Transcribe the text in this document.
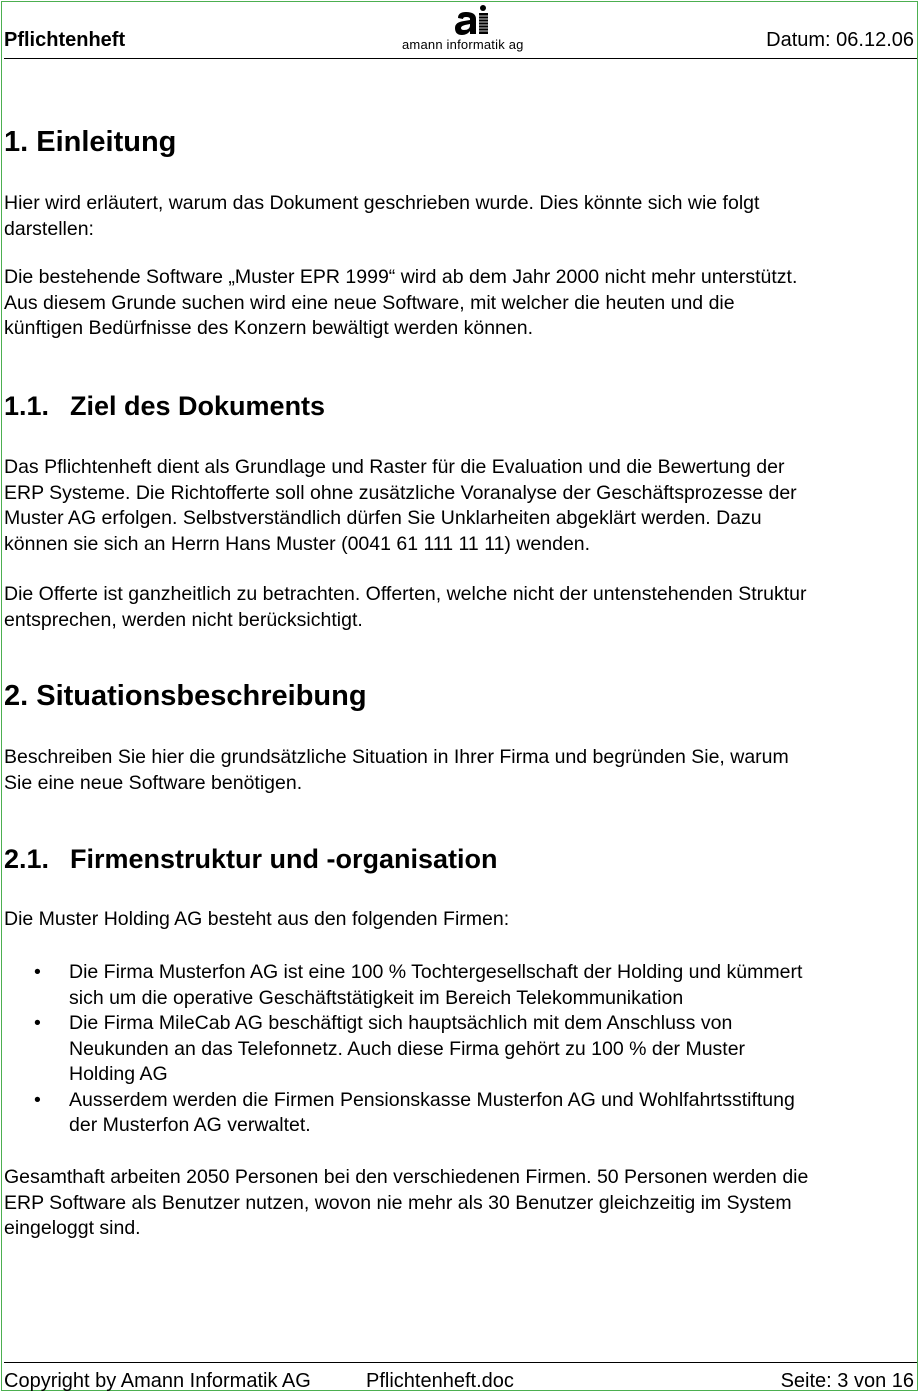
Pflichtenheft	amann informatik ag	Datum: 06.12.06
1. Einleitung
Hier wird erläutert, warum das Dokument geschrieben wurde. Dies könnte sich wie folgt
darstellen:
Die bestehende Software „Muster EPR 1999“ wird ab dem Jahr 2000 nicht mehr unterstützt.
Aus diesem Grunde suchen wird eine neue Software, mit welcher die heuten und die
künftigen Bedürfnisse des Konzern bewältigt werden können.
1.1. Ziel des Dokuments
Das Pflichtenheft dient als Grundlage und Raster für die Evaluation und die Bewertung der
ERP Systeme. Die Richtofferte soll ohne zusätzliche Voranalyse der Geschäftsprozesse der
Muster AG erfolgen. Selbstverständlich dürfen Sie Unklarheiten abgeklärt werden. Dazu
können sie sich an Herrn Hans Muster (0041 61 111 11 11) wenden.
Die Offerte ist ganzheitlich zu betrachten. Offerten, welche nicht der untenstehenden Struktur
entsprechen, werden nicht berücksichtigt.
2. Situationsbeschreibung
Beschreiben Sie hier die grundsätzliche Situation in Ihrer Firma und begründen Sie, warum
Sie eine neue Software benötigen.
2.1. Firmenstruktur und -organisation
Die Muster Holding AG besteht aus den folgenden Firmen:
• Die Firma Musterfon AG ist eine 100 % Tochtergesellschaft der Holding und kümmert
sich um die operative Geschäftstätigkeit im Bereich Telekommunikation
• Die Firma MileCab AG beschäftigt sich hauptsächlich mit dem Anschluss von
Neukunden an das Telefonnetz. Auch diese Firma gehört zu 100 % der Muster
Holding AG
• Ausserdem werden die Firmen Pensionskasse Musterfon AG und Wohlfahrtsstiftung
der Musterfon AG verwaltet.
Gesamthaft arbeiten 2050 Personen bei den verschiedenen Firmen. 50 Personen werden die
ERP Software als Benutzer nutzen, wovon nie mehr als 30 Benutzer gleichzeitig im System
eingeloggt sind.
Copyright by Amann Informatik AG	Pflichtenheft.doc	Seite: 3 von 16
